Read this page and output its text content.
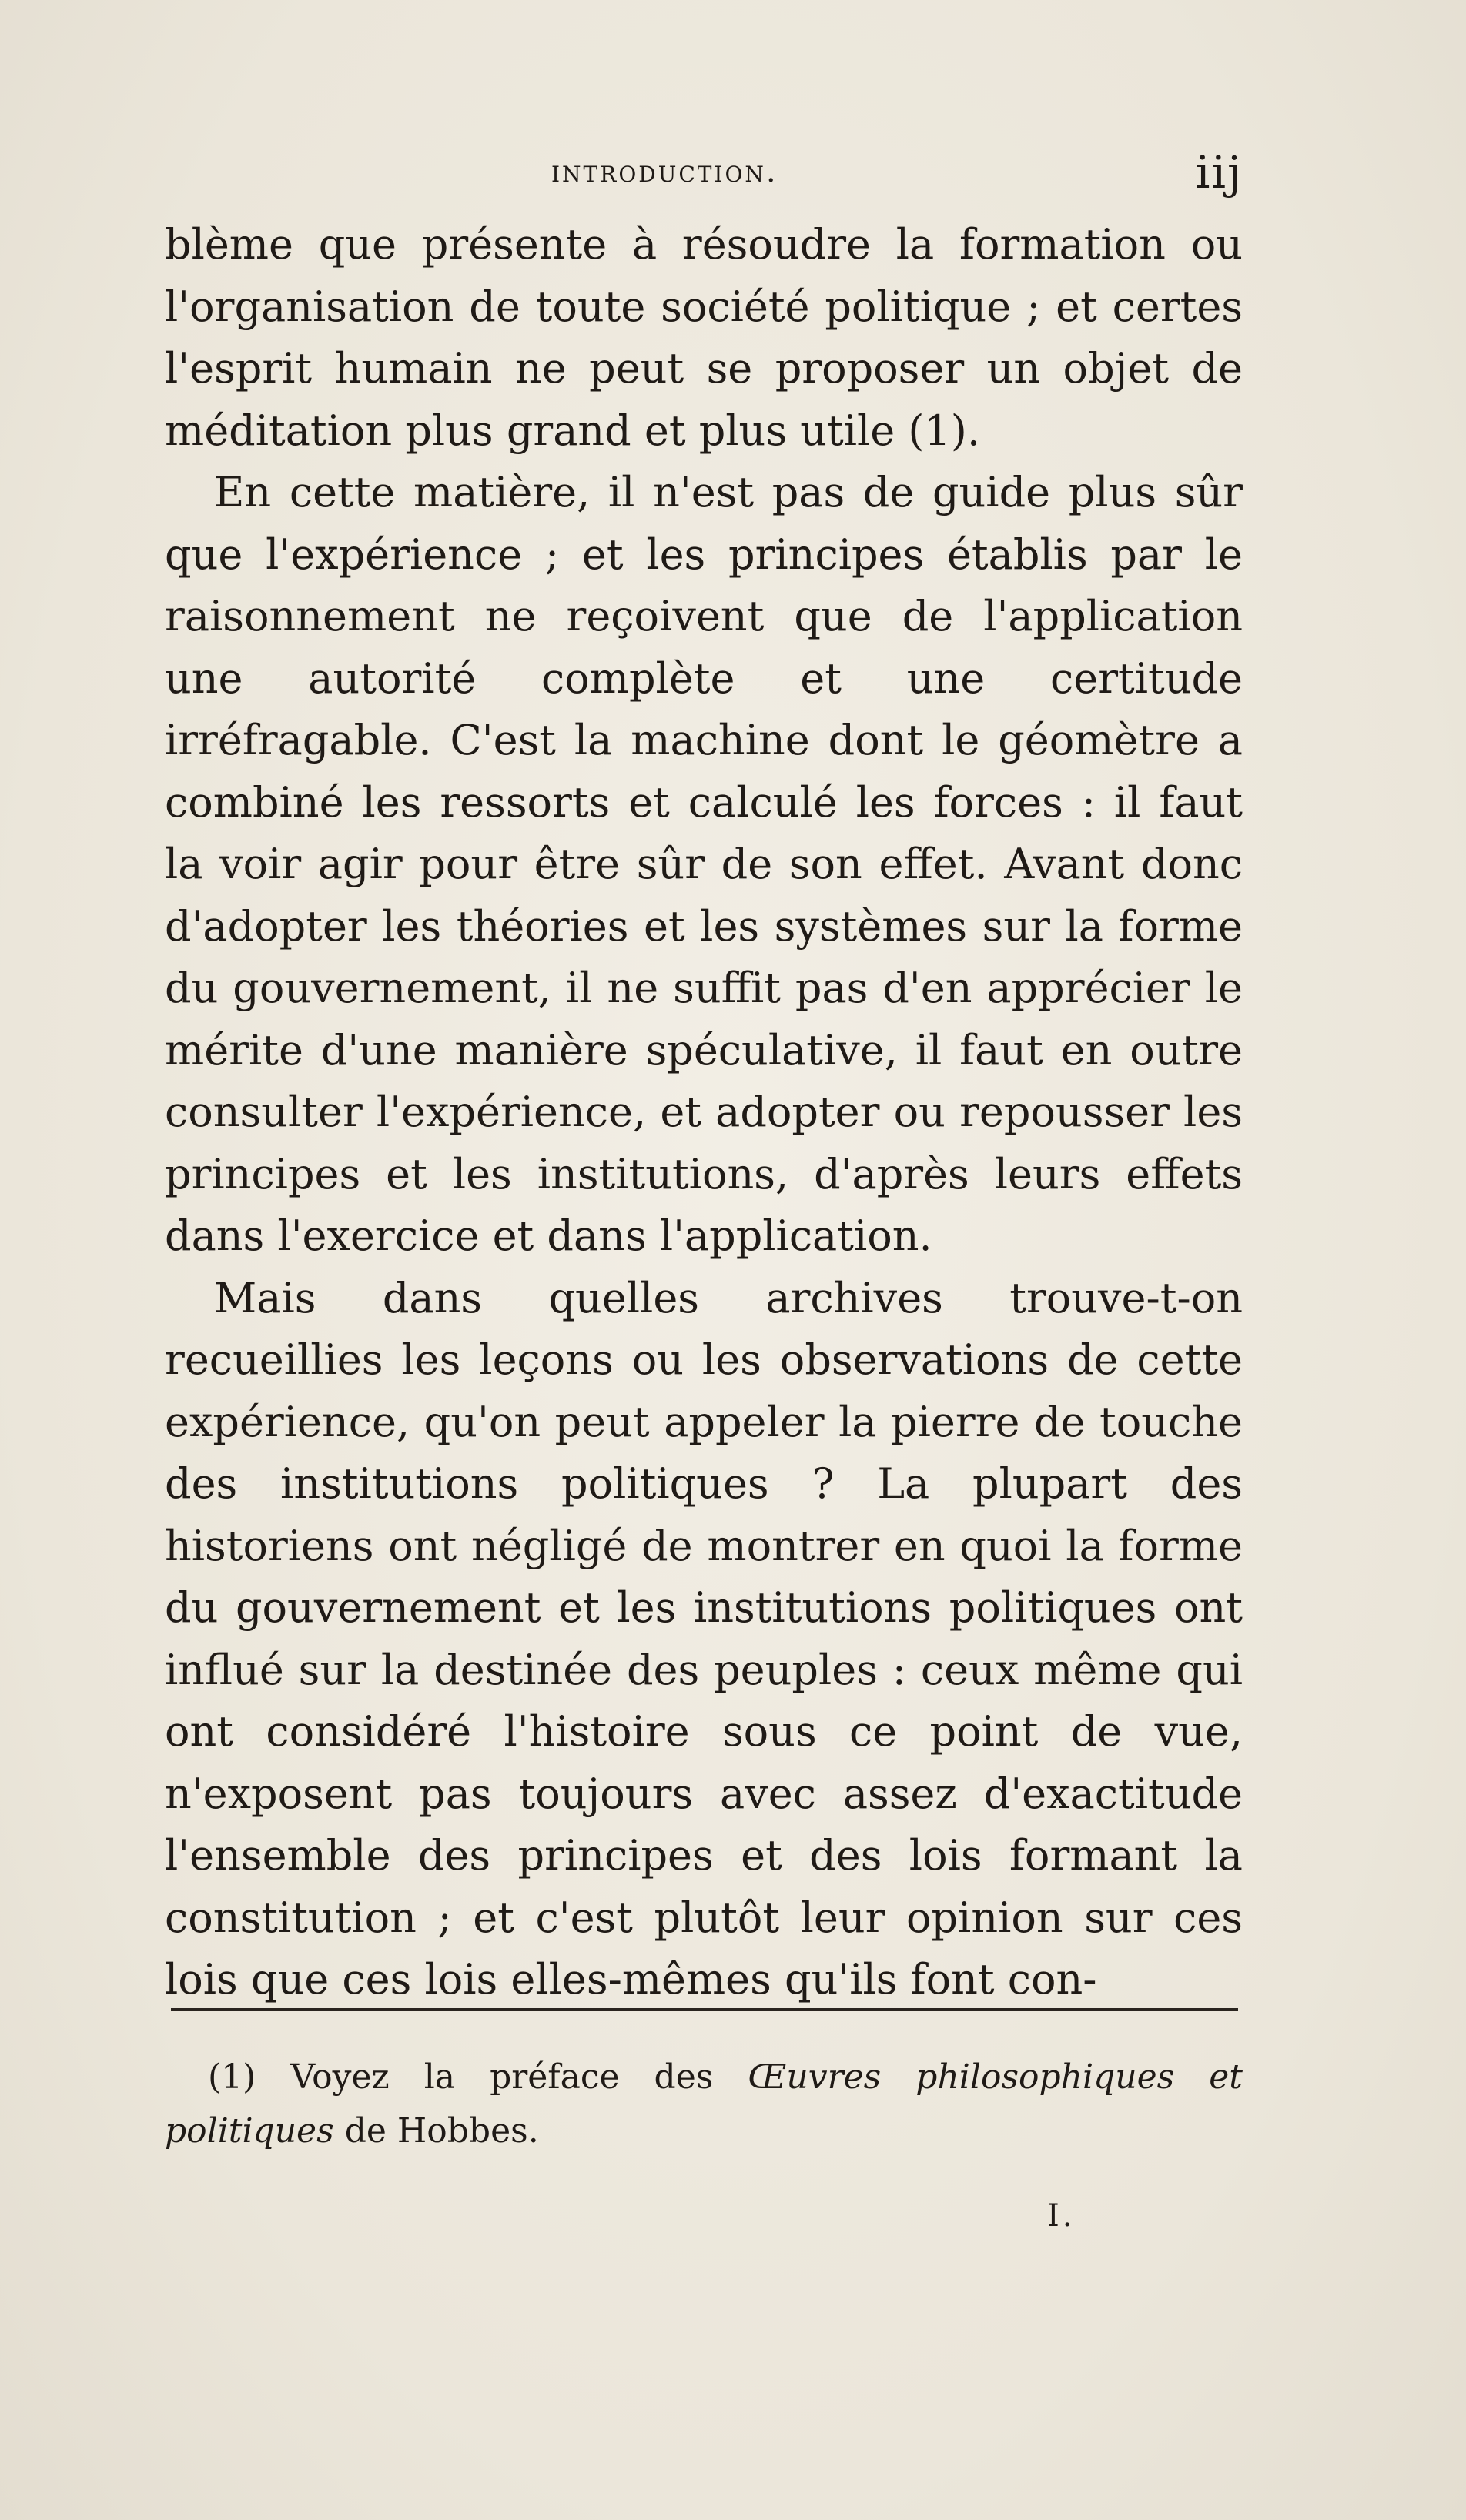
introduction.	iij

blème que présente à résoudre la formation ou l'organisation de toute société politique ; et certes l'esprit humain ne peut se proposer un objet de méditation plus grand et plus utile (1).

En cette matière, il n'est pas de guide plus sûr que l'expérience ; et les principes établis par le raisonnement ne reçoivent que de l'application une autorité complète et une certitude irréfragable. C'est la machine dont le géomètre a combiné les ressorts et calculé les forces : il faut la voir agir pour être sûr de son effet. Avant donc d'adopter les théories et les systèmes sur la forme du gouvernement, il ne suffit pas d'en apprécier le mérite d'une manière spéculative, il faut en outre consulter l'expérience, et adopter ou repousser les principes et les institutions, d'après leurs effets dans l'exercice et dans l'application.

Mais dans quelles archives trouve-t-on recueillies les leçons ou les observations de cette expérience, qu'on peut appeler la pierre de touche des institutions politiques ? La plupart des historiens ont négligé de montrer en quoi la forme du gouvernement et les institutions politiques ont influé sur la destinée des peuples : ceux même qui ont considéré l'histoire sous ce point de vue, n'exposent pas toujours avec assez d'exactitude l'ensemble des principes et des lois formant la constitution ; et c'est plutôt leur opinion sur ces lois que ces lois elles-mêmes qu'ils font con-

(1) Voyez la préface des Œuvres philosophiques et politiques de Hobbes.
I.
